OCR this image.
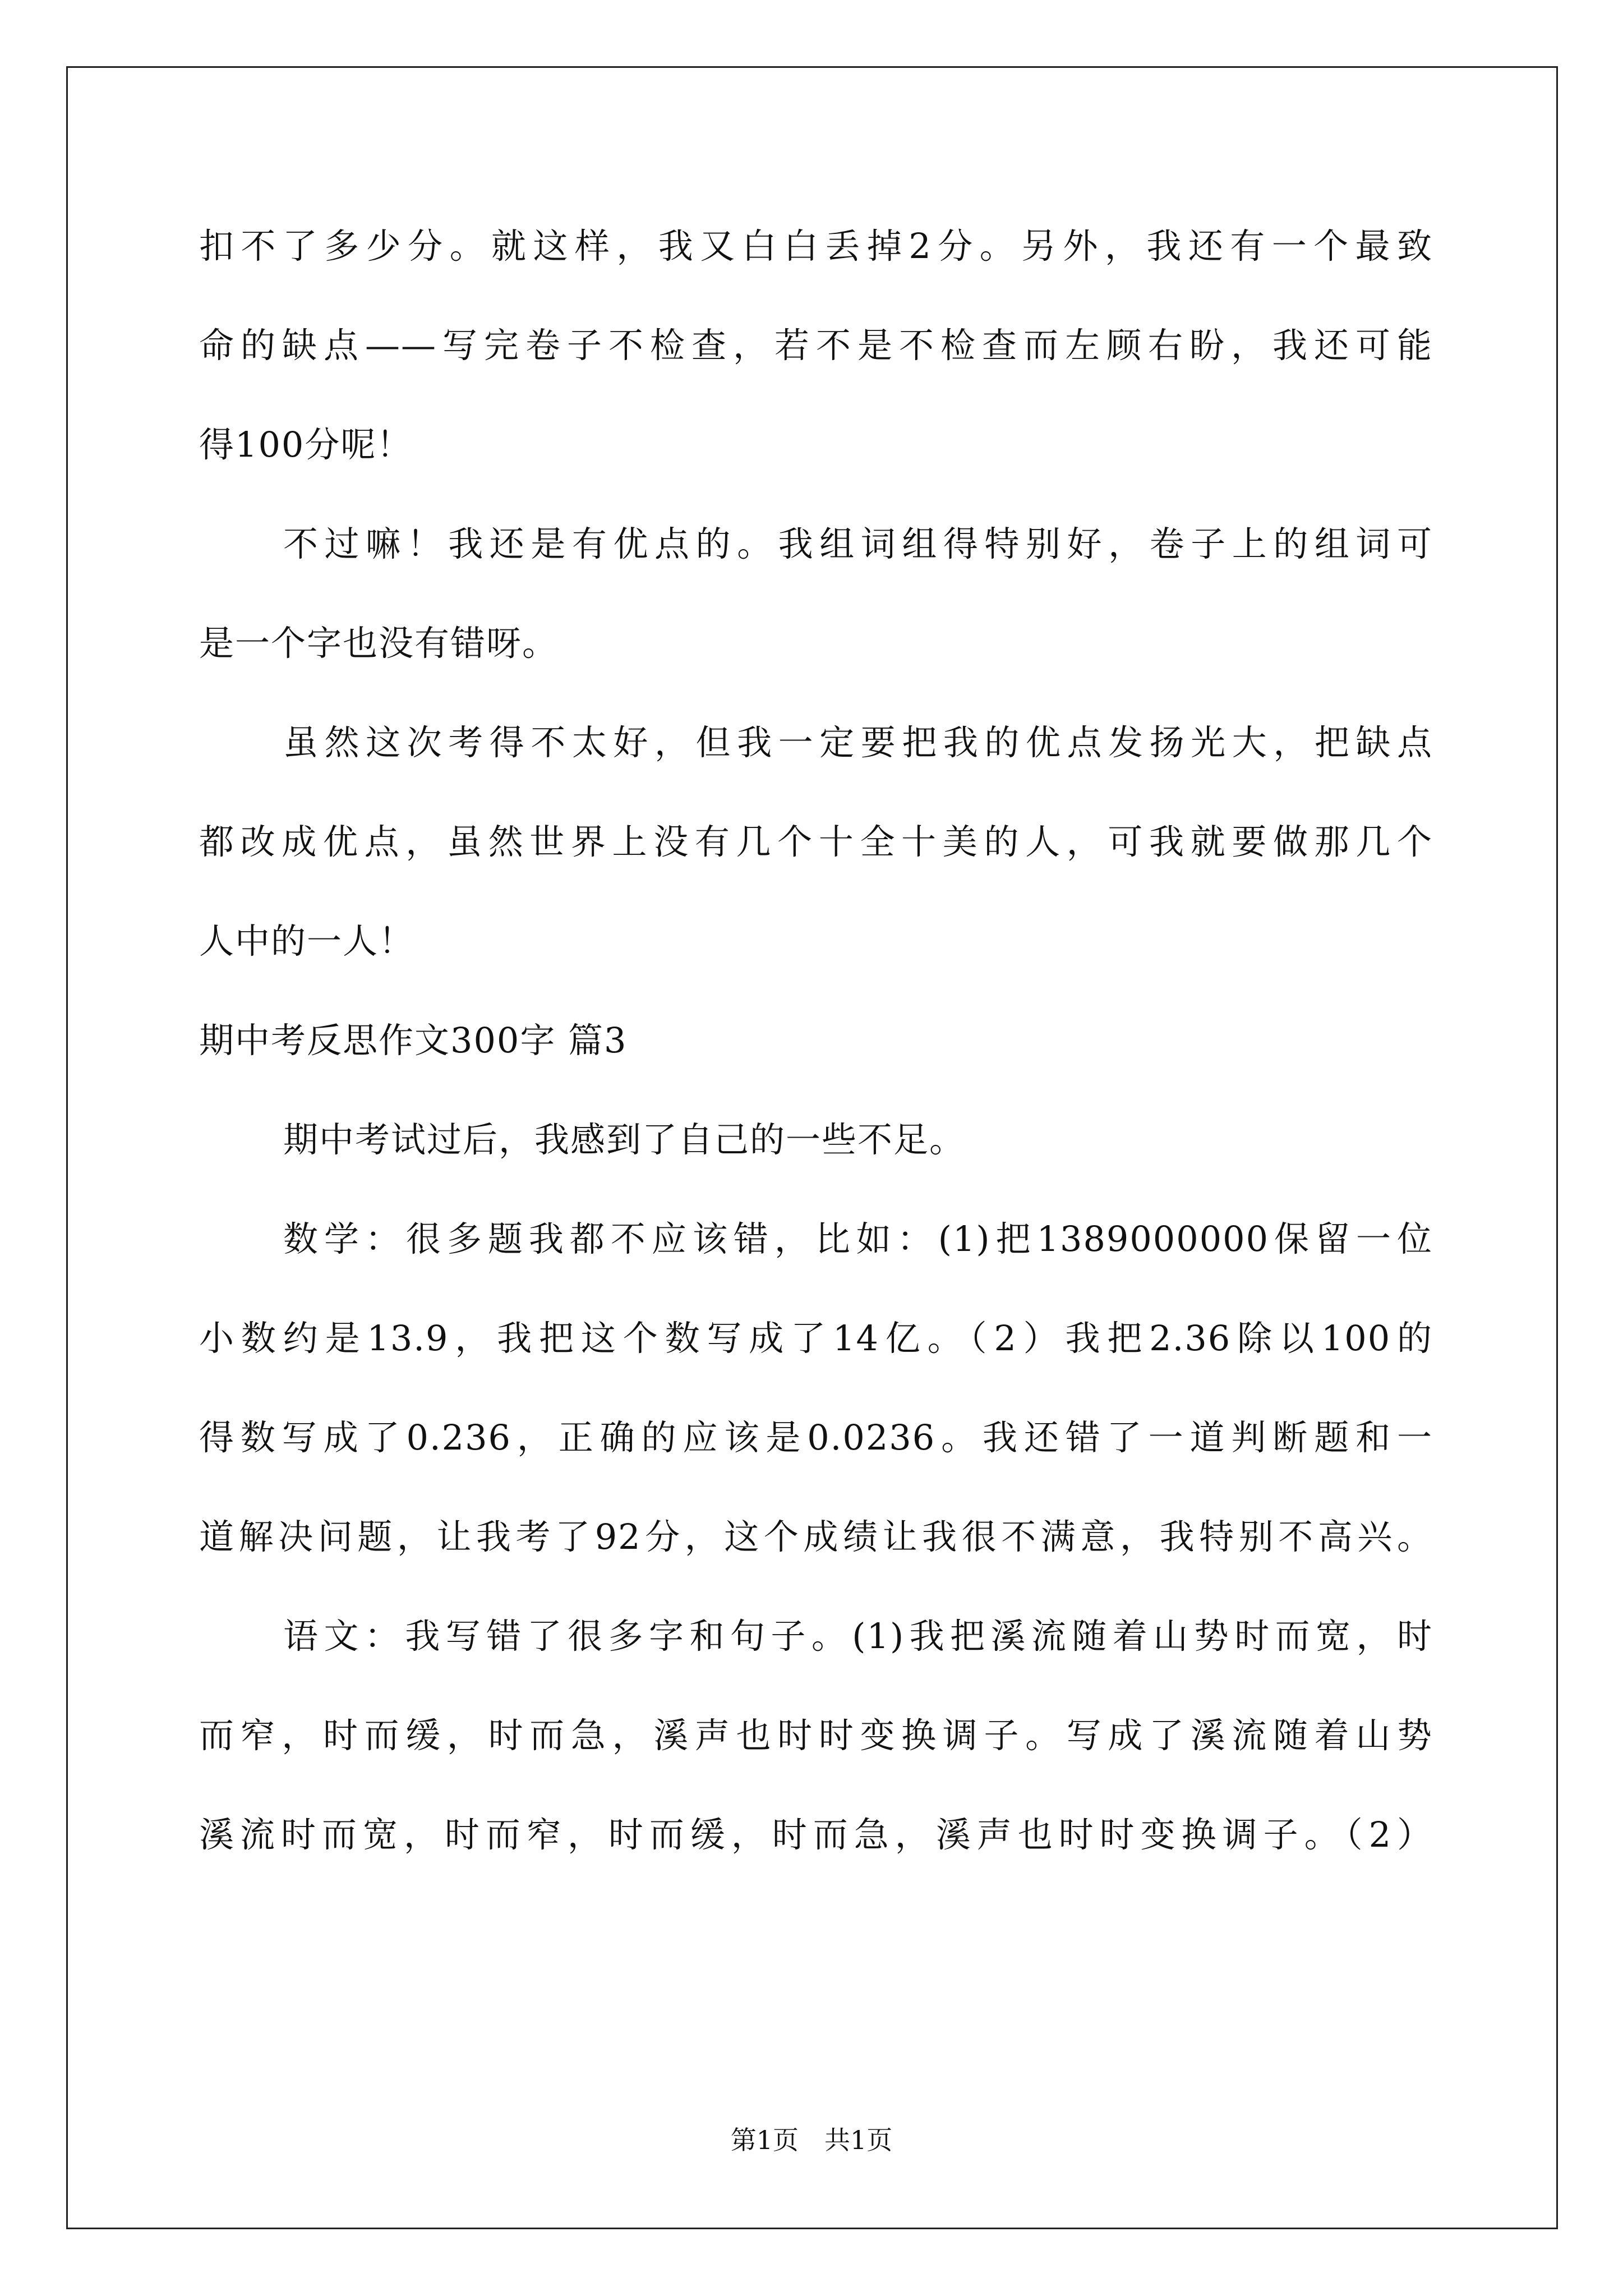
扣不了多少分。就这样，我又白白丢掉2分。另外，我还有一个最致
命的缺点——写完卷子不检查，若不是不检查而左顾右盼，我还可能
得100分呢！
不过嘛！我还是有优点的。我组词组得特别好，卷子上的组词可
是一个字也没有错呀。
虽然这次考得不太好，但我一定要把我的优点发扬光大，把缺点
都改成优点，虽然世界上没有几个十全十美的人，可我就要做那几个
人中的一人！
期中考反思作文300字 篇3
期中考试过后，我感到了自己的一些不足。
数学：很多题我都不应该错，比如：(1)把1389000000保留一位
小数约是13.9，我把这个数写成了14亿。（2）我把2.36除以100的
得数写成了0.236，正确的应该是0.0236。我还错了一道判断题和一
道解决问题，让我考了92分，这个成绩让我很不满意，我特别不高兴。
语文：我写错了很多字和句子。(1)我把溪流随着山势时而宽，时
而窄，时而缓，时而急，溪声也时时变换调子。写成了溪流随着山势
溪流时而宽，时而窄，时而缓，时而急，溪声也时时变换调子。（2）
第1页　共1页
